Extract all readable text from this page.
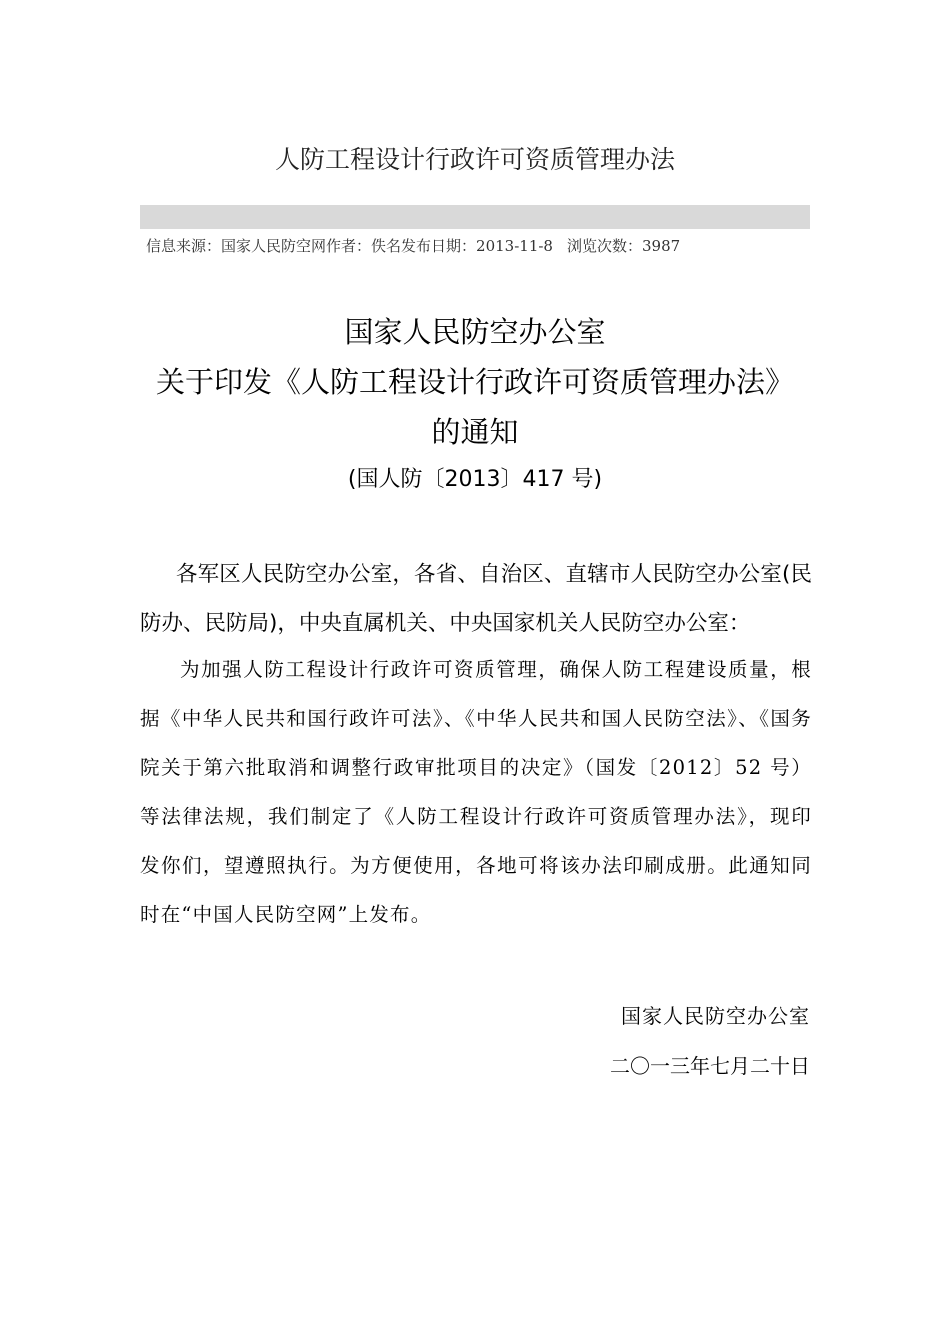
人防工程设计行政许可资质管理办法
信息来源：国家人民防空网作者：佚名发布日期：2013-11-8 浏览次数：3987
国家人民防空办公室
关于印发《人防工程设计行政许可资质管理办法》
的通知
(国人防〔2013〕417 号)
各军区人民防空办公室，各省、自治区、直辖市人民防空办公室(民防办、民防局)，中央直属机关、中央国家机关人民防空办公室：
为加强人防工程设计行政许可资质管理，确保人防工程建设质量，根据《中华人民共和国行政许可法》、《中华人民共和国人民防空法》、《国务院关于第六批取消和调整行政审批项目的决定》（国发〔2012〕52 号）等法律法规，我们制定了《人防工程设计行政许可资质管理办法》，现印发你们，望遵照执行。为方便使用，各地可将该办法印刷成册。此通知同时在“中国人民防空网”上发布。
国家人民防空办公室
二〇一三年七月二十日
